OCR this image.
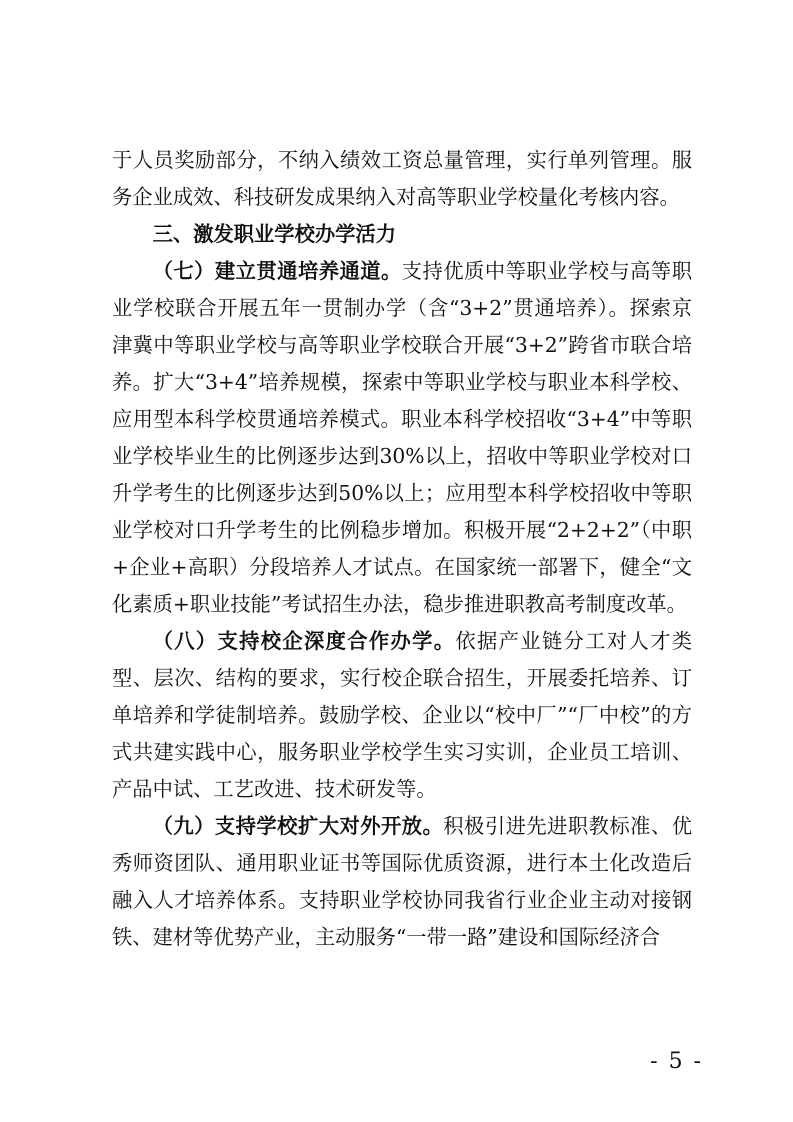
于人员奖励部分，不纳入绩效工资总量管理，实行单列管理。服务企业成效、科技研发成果纳入对高等职业学校量化考核内容。

三、激发职业学校办学活力

（七）建立贯通培养通道。支持优质中等职业学校与高等职业学校联合开展五年一贯制办学（含“3+2”贯通培养）。探索京津冀中等职业学校与高等职业学校联合开展“3+2”跨省市联合培养。扩大“3+4”培养规模，探索中等职业学校与职业本科学校、应用型本科学校贯通培养模式。职业本科学校招收“3+4”中等职业学校毕业生的比例逐步达到30%以上，招收中等职业学校对口升学考生的比例逐步达到50%以上；应用型本科学校招收中等职业学校对口升学考生的比例稳步增加。积极开展“2+2+2”（中职+企业+高职）分段培养人才试点。在国家统一部署下，健全“文化素质+职业技能”考试招生办法，稳步推进职教高考制度改革。

（八）支持校企深度合作办学。依据产业链分工对人才类型、层次、结构的要求，实行校企联合招生，开展委托培养、订单培养和学徒制培养。鼓励学校、企业以“校中厂”“厂中校”的方式共建实践中心，服务职业学校学生实习实训，企业员工培训、产品中试、工艺改进、技术研发等。

（九）支持学校扩大对外开放。积极引进先进职教标准、优秀师资团队、通用职业证书等国际优质资源，进行本土化改造后融入人才培养体系。支持职业学校协同我省行业企业主动对接钢铁、建材等优势产业，主动服务“一带一路”建设和国际经济合

- 5 -
